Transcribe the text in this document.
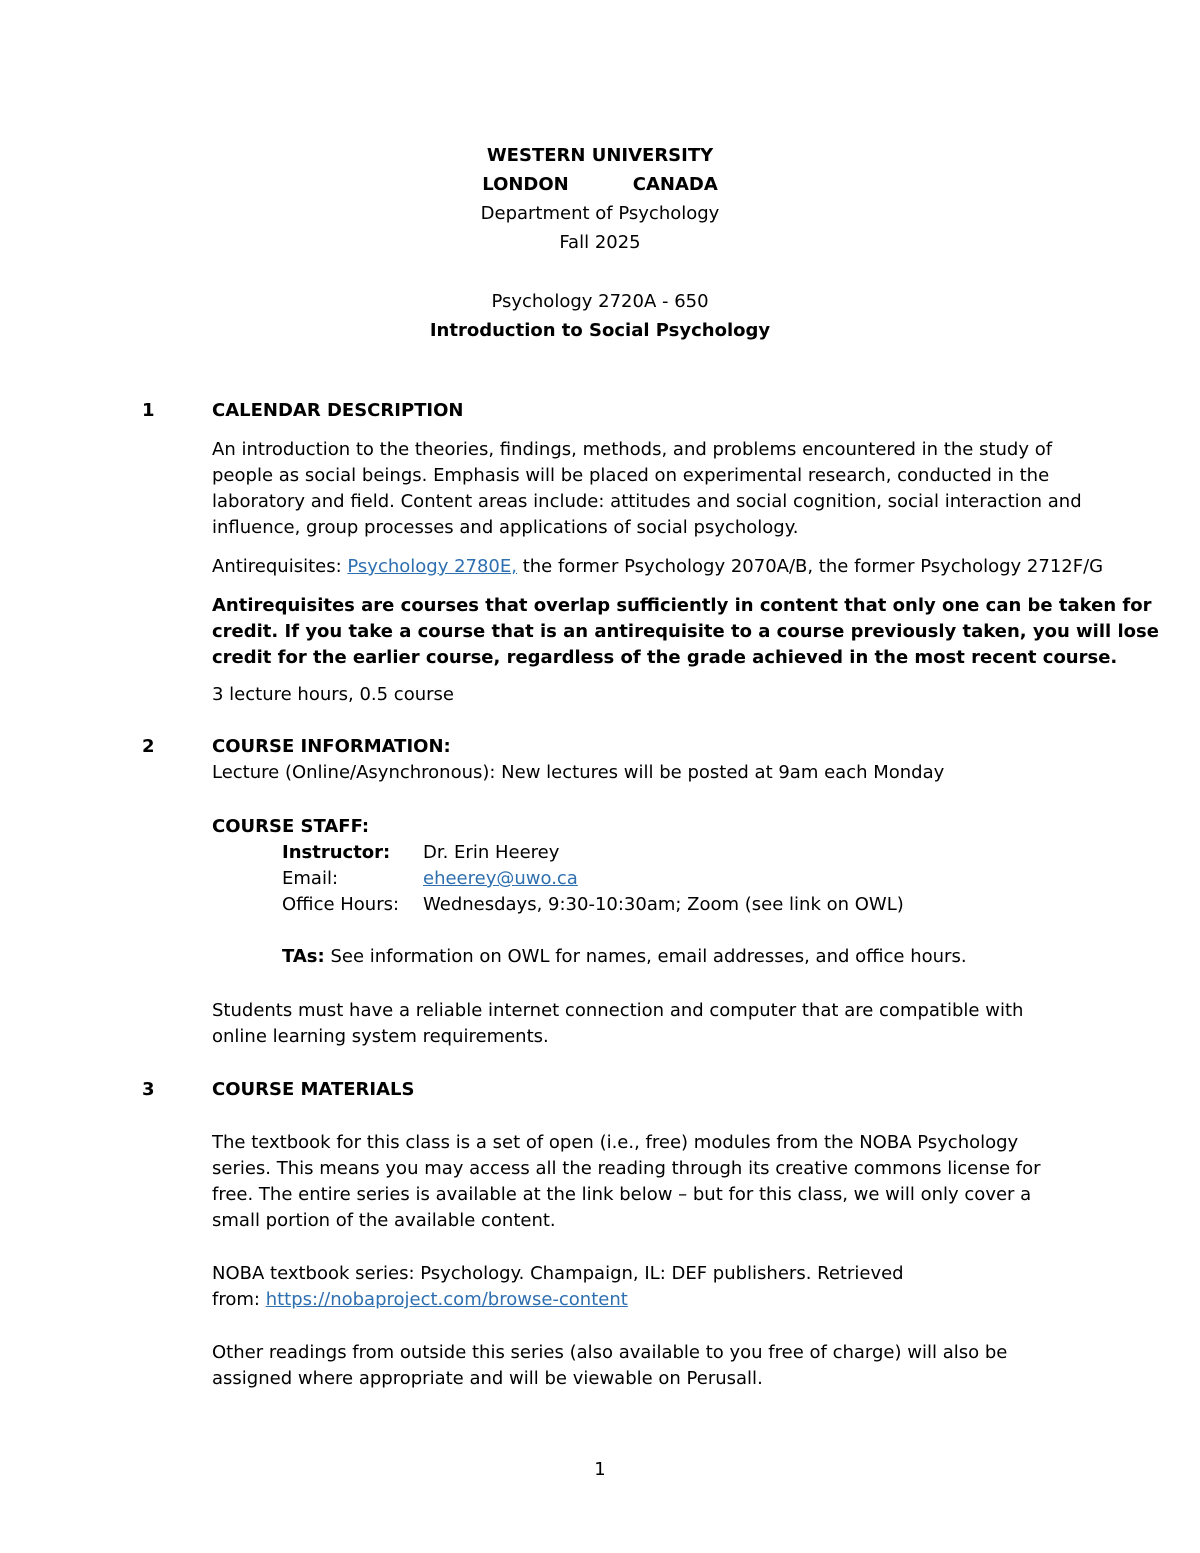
WESTERN UNIVERSITY
LONDON	CANADA
Department of Psychology
Fall 2025
Psychology 2720A - 650
Introduction to Social Psychology
1	CALENDAR DESCRIPTION
An introduction to the theories, findings, methods, and problems encountered in the study of
people as social beings. Emphasis will be placed on experimental research, conducted in the
laboratory and field. Content areas include: attitudes and social cognition, social interaction and
influence, group processes and applications of social psychology.
Antirequisites: Psychology 2780E, the former Psychology 2070A/B, the former Psychology 2712F/G
Antirequisites are courses that overlap sufficiently in content that only one can be taken for
credit. If you take a course that is an antirequisite to a course previously taken, you will lose
credit for the earlier course, regardless of the grade achieved in the most recent course.
3 lecture hours, 0.5 course
2	COURSE INFORMATION:
Lecture (Online/Asynchronous): New lectures will be posted at 9am each Monday
COURSE STAFF:
Instructor: Dr. Erin Heerey
Email:	eheerey@uwo.ca
Office Hours: Wednesdays, 9:30-10:30am; Zoom (see link on OWL)
TAs: See information on OWL for names, email addresses, and office hours.
Students must have a reliable internet connection and computer that are compatible with
online learning system requirements.
3	COURSE MATERIALS
The textbook for this class is a set of open (i.e., free) modules from the NOBA Psychology
series. This means you may access all the reading through its creative commons license for
free. The entire series is available at the link below – but for this class, we will only cover a
small portion of the available content.
NOBA textbook series: Psychology. Champaign, IL: DEF publishers. Retrieved
from: https://nobaproject.com/browse-content
Other readings from outside this series (also available to you free of charge) will also be
assigned where appropriate and will be viewable on Perusall.
1
